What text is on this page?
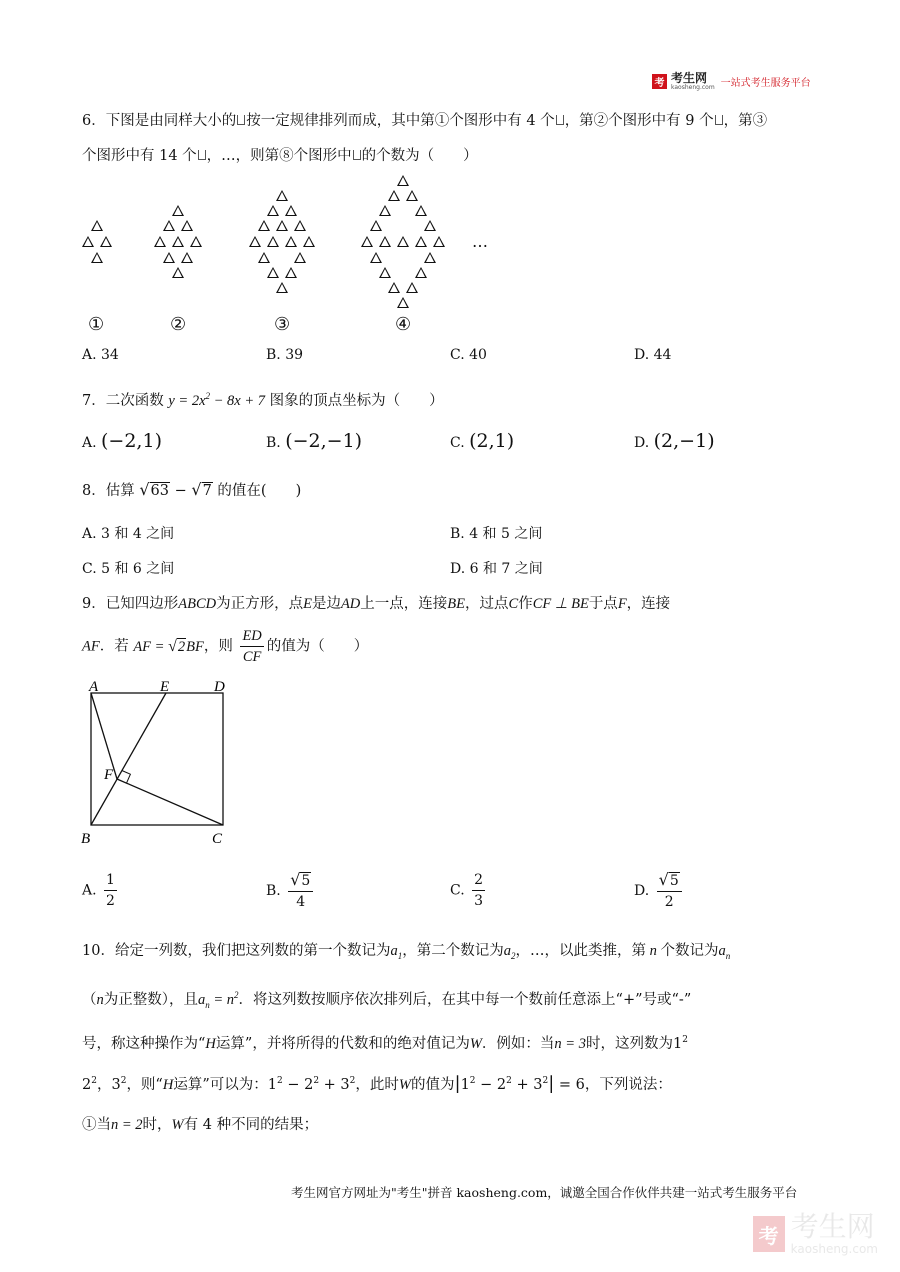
考 考生网
kaosheng.com 一站式考生服务平台
6．下图是由同样大小的 按一定规律排列而成，其中第①个图形中有 4 个 ，第②个图形中有 9 个 ，第③
个图形中有 14 个 ，…，则第⑧个图形中 的个数为（　　）
…
①	②	③	④
A. 34	B. 39	C. 40	D. 44
7．二次函数 $y = 2x^2 - 8x + 7$ 图象的顶点坐标为（　　）
A. (−2,1)	B. (−2,−1)	C. (2,1)	D. (2,−1)
8．估算 √63 − √7 的值在(　　)
A. 3 和 4 之间	B. 4 和 5 之间
C. 5 和 6 之间	D. 6 和 7 之间
9．已知四边形ABCD为正方形，点E是边AD上一点，连接BE，过点C作CF ⊥ BE于点F，连接
AF．若 AF = √2BF，则 $\frac{ED}{CF}$ 的值为（　　）
A	E	D
F
B	C
A. $\frac{1}{2}$	B. $\frac{√5}{4}$	C. $\frac{2}{3}$	D. $\frac{√5}{2}$
10．给定一列数，我们把这列数的第一个数记为$a_1$，第二个数记为$a_2$，…，以此类推，第 n 个数记为$a_n$
（n为正整数），且$a_n = n^2$．将这列数按顺序依次排列后，在其中每一个数前任意添上“+”号或“-”
号，称这种操作为“H运算”，并将所得的代数和的绝对值记为W．例如：当n = 3时，这列数为$1^2$
$2^2$，$3^2$，则“H运算”可以为：$1^2 - 2^2 + 3^2$，此时W的值为$|1^2 - 2^2 + 3^2| = 6$，下列说法：
①当n = 2时，W有 4 种不同的结果；
考生网官方网址为"考生"拼音 kaosheng.com，诚邀全国合作伙伴共建一站式考生服务平台
考 考生网
kaosheng.com
